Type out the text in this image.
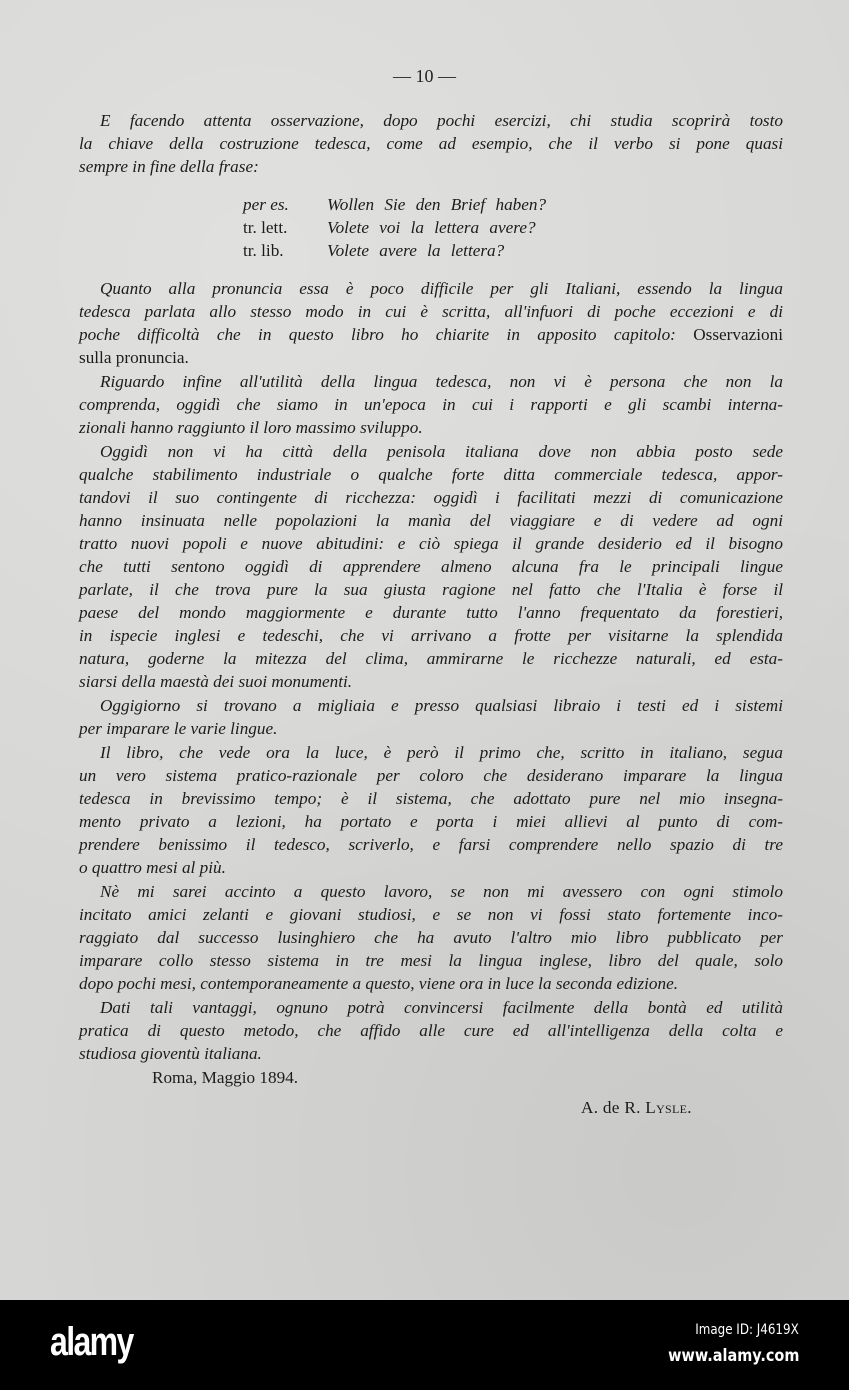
— 10 —
E facendo attenta osservazione, dopo pochi esercizi, chi studia scoprirà tosto
la chiave della costruzione tedesca, come ad esempio, che il verbo si pone quasi
sempre in fine della frase:
per es.	Wollen Sie den Brief haben?
tr. lett.	Volete voi la lettera avere?
tr. lib.	Volete avere la lettera?
Quanto alla pronuncia essa è poco difficile per gli Italiani, essendo la lingua
tedesca parlata allo stesso modo in cui è scritta, all'infuori di poche eccezioni e di
poche difficoltà che in questo libro ho chiarite in apposito capitolo: Osservazioni
sulla pronuncia.
Riguardo infine all'utilità della lingua tedesca, non vi è persona che non la
comprenda, oggidì che siamo in un'epoca in cui i rapporti e gli scambi interna-
zionali hanno raggiunto il loro massimo sviluppo.
Oggidì non vi ha città della penisola italiana dove non abbia posto sede
qualche stabilimento industriale o qualche forte ditta commerciale tedesca, appor-
tandovi il suo contingente di ricchezza: oggidì i facilitati mezzi di comunicazione
hanno insinuata nelle popolazioni la manìa del viaggiare e di vedere ad ogni
tratto nuovi popoli e nuove abitudini: e ciò spiega il grande desiderio ed il bisogno
che tutti sentono oggidì di apprendere almeno alcuna fra le principali lingue
parlate, il che trova pure la sua giusta ragione nel fatto che l'Italia è forse il
paese del mondo maggiormente e durante tutto l'anno frequentato da forestieri,
in ispecie inglesi e tedeschi, che vi arrivano a frotte per visitarne la splendida
natura, goderne la mitezza del clima, ammirarne le ricchezze naturali, ed esta-
siarsi della maestà dei suoi monumenti.
Oggigiorno si trovano a migliaia e presso qualsiasi libraio i testi ed i sistemi
per imparare le varie lingue.
Il libro, che vede ora la luce, è però il primo che, scritto in italiano, segua
un vero sistema pratico-razionale per coloro che desiderano imparare la lingua
tedesca in brevissimo tempo; è il sistema, che adottato pure nel mio insegna-
mento privato a lezioni, ha portato e porta i miei allievi al punto di com-
prendere benissimo il tedesco, scriverlo, e farsi comprendere nello spazio di tre
o quattro mesi al più.
Nè mi sarei accinto a questo lavoro, se non mi avessero con ogni stimolo
incitato amici zelanti e giovani studiosi, e se non vi fossi stato fortemente inco-
raggiato dal successo lusinghiero che ha avuto l'altro mio libro pubblicato per
imparare collo stesso sistema in tre mesi la lingua inglese, libro del quale, solo
dopo pochi mesi, contemporaneamente a questo, viene ora in luce la seconda edizione.
Dati tali vantaggi, ognuno potrà convincersi facilmente della bontà ed utilità
pratica di questo metodo, che affido alle cure ed all'intelligenza della colta e
studiosa gioventù italiana.
Roma, Maggio 1894.
A. de R. Lysle.
alamy	Image ID: J4619X
www.alamy.com
